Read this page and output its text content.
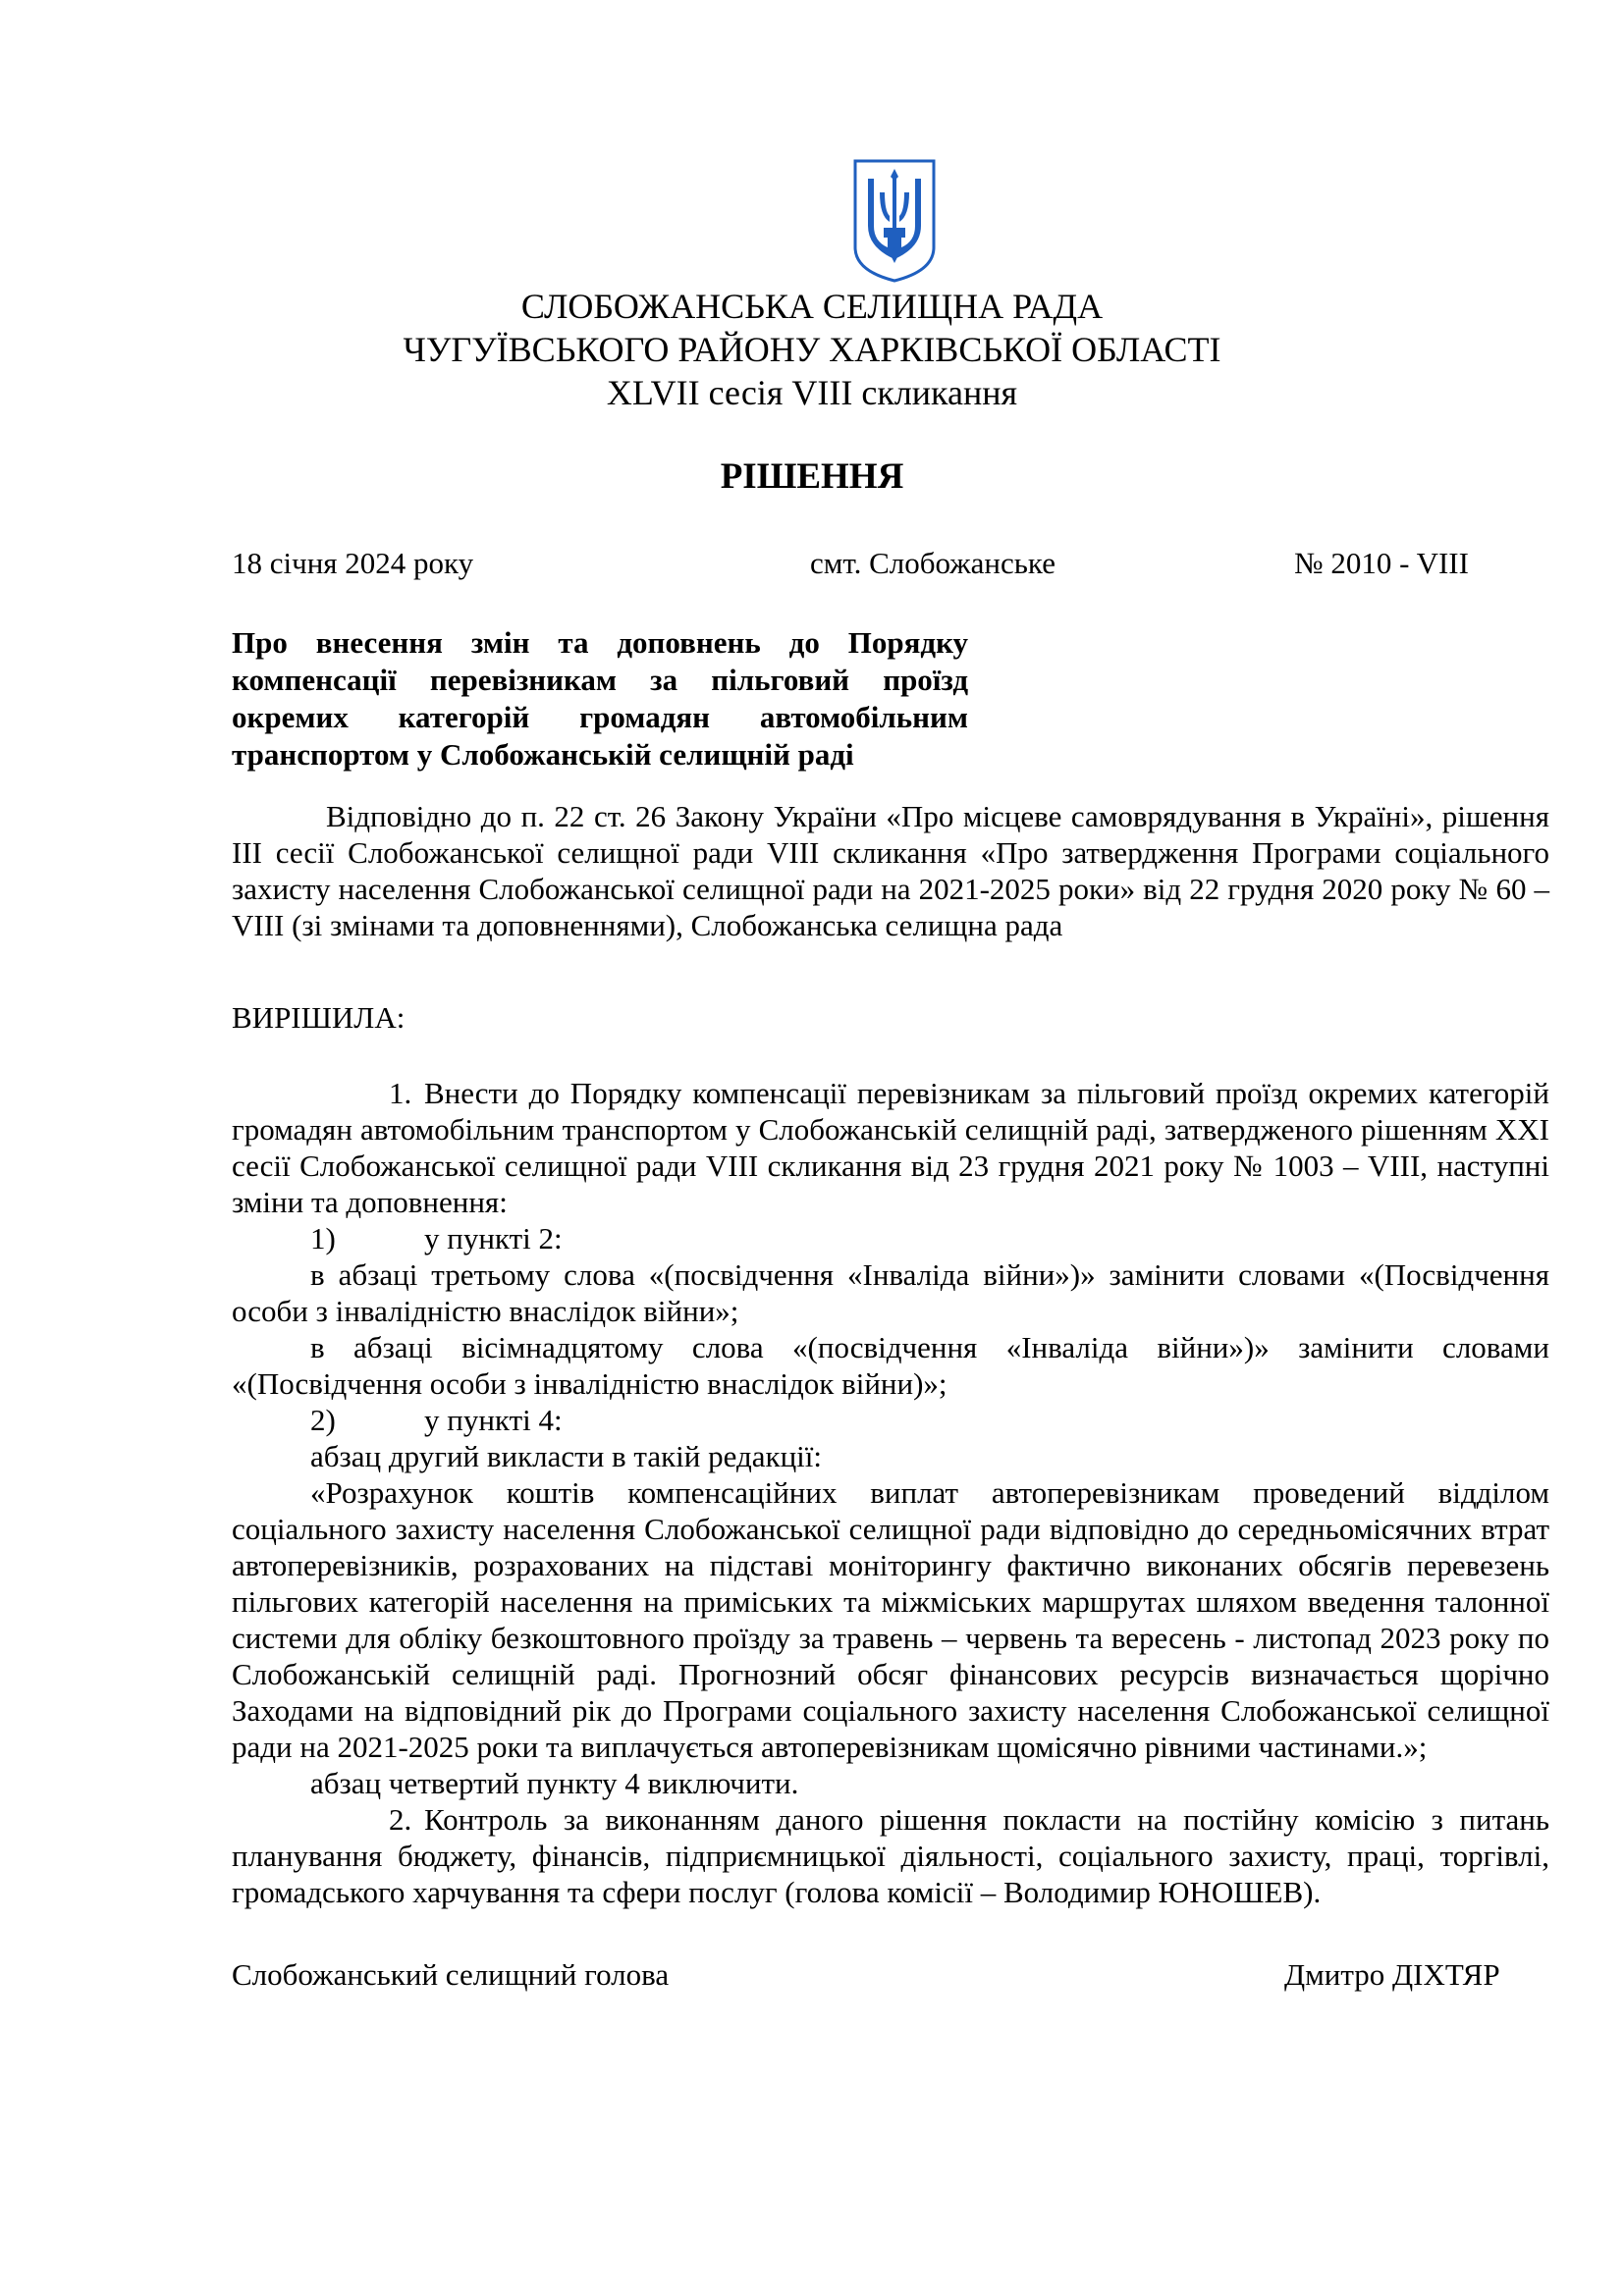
СЛОБОЖАНСЬКА СЕЛИЩНА РАДА
ЧУГУЇВСЬКОГО РАЙОНУ ХАРКІВСЬКОЇ ОБЛАСТІ
XLVII сесія VIII скликання
РІШЕННЯ
18 січня 2024 року	смт. Слобожанське	№ 2010 - VIII
Про внесення змін та доповнень до Порядку компенсації перевізникам за пільговий проїзд окремих категорій громадян автомобільним транспортом у Слобожанській селищній раді

Відповідно до п. 22 ст. 26 Закону України «Про місцеве самоврядування в Україні», рішення ІІІ сесії Слобожанської селищної ради VIII скликання «Про затвердження Програми соціального захисту населення Слобожанської селищної ради на 2021-2025 роки» від 22 грудня 2020 року № 60 – VIII (зі змінами та доповненнями), Слобожанська селищна рада

ВИРІШИЛА:

1. Внести до Порядку компенсації перевізникам за пільговий проїзд окремих категорій громадян автомобільним транспортом у Слобожанській селищній раді, затвердженого рішенням XXI сесії Слобожанської селищної ради VIII скликання від 23 грудня 2021 року № 1003 – VIII, наступні зміни та доповнення:

1)	у пункті 2:

в абзаці третьому слова «(посвідчення «Інваліда війни»)» замінити словами «(Посвідчення особи з інвалідністю внаслідок війни»;

в абзаці вісімнадцятому слова «(посвідчення «Інваліда війни»)» замінити словами «(Посвідчення особи з інвалідністю внаслідок війни)»;

2)	у пункті 4:

абзац другий викласти в такій редакції:

«Розрахунок коштів компенсаційних виплат автоперевізникам проведений відділом соціального захисту населення Слобожанської селищної ради відповідно до середньомісячних втрат автоперевізників, розрахованих на підставі моніторингу фактично виконаних обсягів перевезень пільгових категорій населення на приміських та міжміських маршрутах шляхом введення талонної системи для обліку безкоштовного проїзду за травень – червень та вересень - листопад 2023 року по Слобожанській селищній раді. Прогнозний обсяг фінансових ресурсів визначається щорічно Заходами на відповідний рік до Програми соціального захисту населення Слобожанської селищної ради на 2021-2025 роки та виплачується автоперевізникам щомісячно рівними частинами.»;

абзац четвертий пункту 4 виключити.

2. Контроль за виконанням даного рішення покласти на постійну комісію з питань планування бюджету, фінансів, підприємницької діяльності, соціального захисту, праці, торгівлі, громадського харчування та сфери послуг (голова комісії – Володимир ЮНОШЕВ).

Слобожанський селищний голова	Дмитро ДІХТЯР
